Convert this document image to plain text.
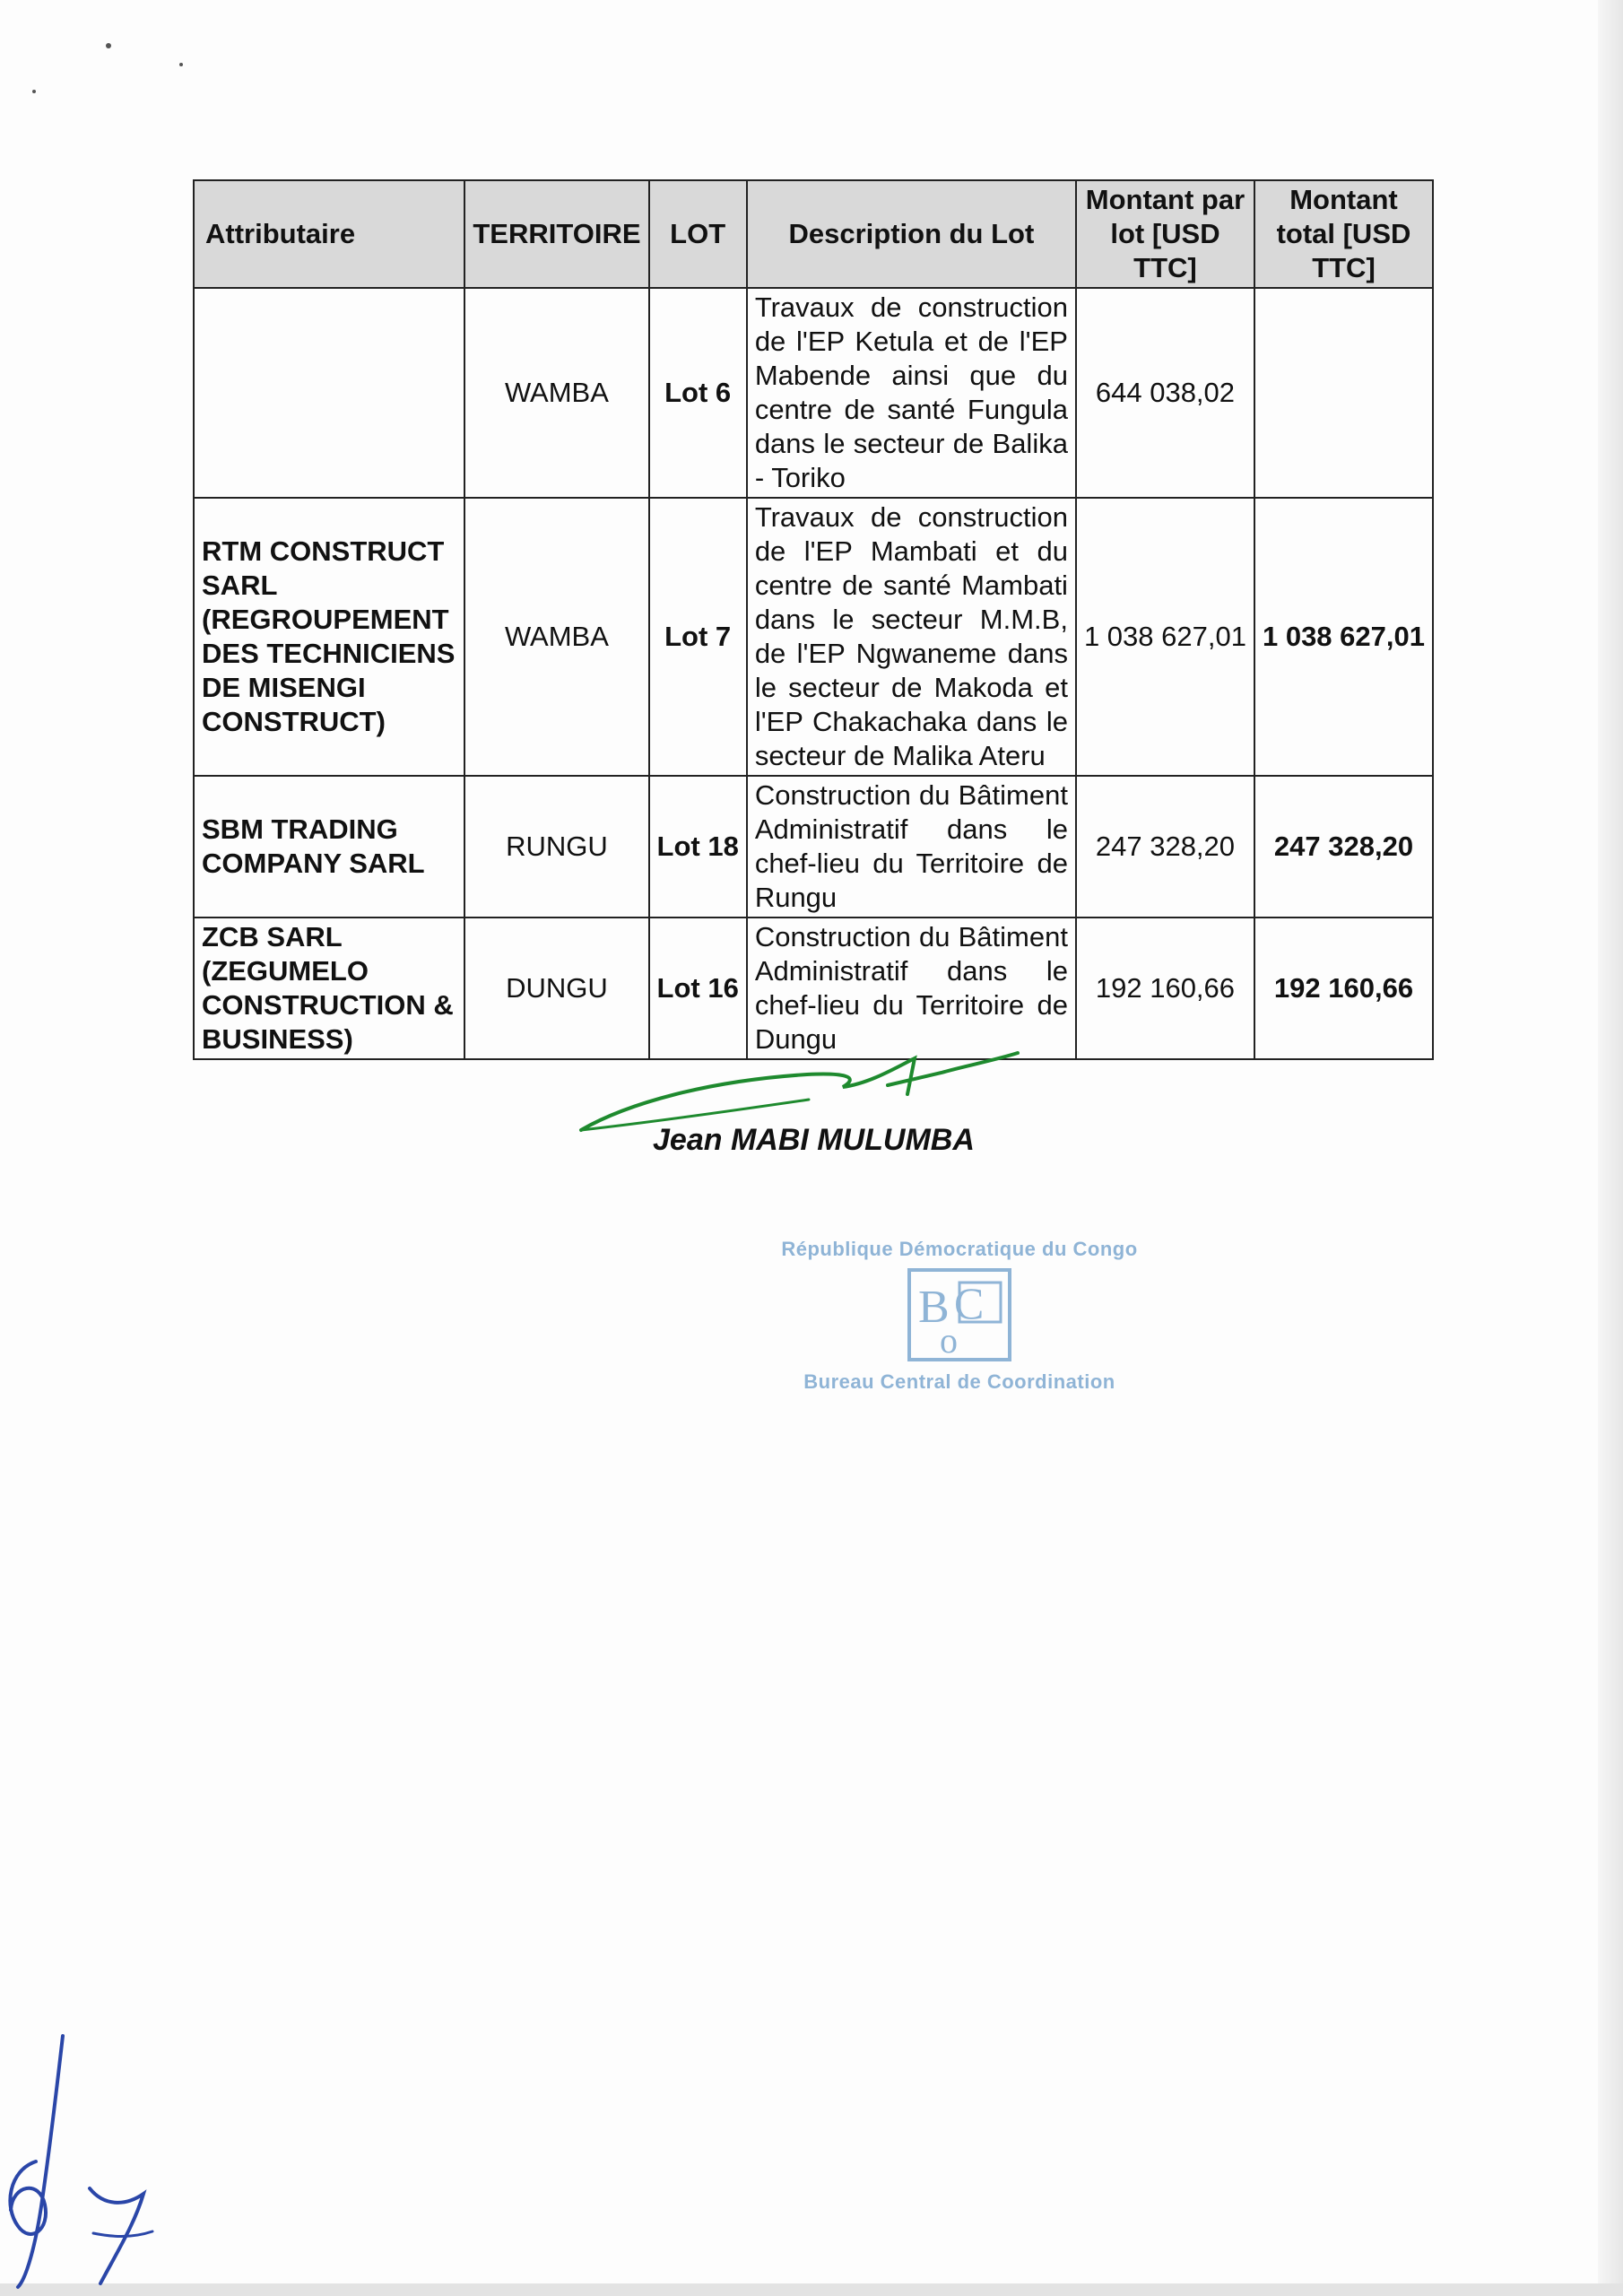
Attributaire	TERRITOIRE	LOT	Description du Lot	Montant par lot [USD TTC]	Montant total [USD TTC]
	WAMBA	Lot 6	Travaux de construction de l'EP Ketula et de l'EP Mabende ainsi que du centre de santé Fungula dans le secteur de Balika - Toriko	644 038,02	
RTM CONSTRUCT SARL (REGROUPEMENT DES TECHNICIENS DE MISENGI CONSTRUCT)	WAMBA	Lot 7	Travaux de construction de l'EP Mambati et du centre de santé Mambati dans le secteur M.M.B, de l'EP Ngwaneme dans le secteur de Makoda et l'EP Chakachaka dans le secteur de Malika Ateru	1 038 627,01	1 038 627,01
SBM TRADING COMPANY SARL	RUNGU	Lot 18	Construction du Bâtiment Administratif dans le chef-lieu du Territoire de Rungu	247 328,20	247 328,20
ZCB SARL (ZEGUMELO CONSTRUCTION & BUSINESS)	DUNGU	Lot 16	Construction du Bâtiment Administratif dans le chef-lieu du Territoire de Dungu	192 160,66	192 160,66
Jean MABI MULUMBA
République Démocratique du Congo
B C
o
Bureau Central de Coordination
